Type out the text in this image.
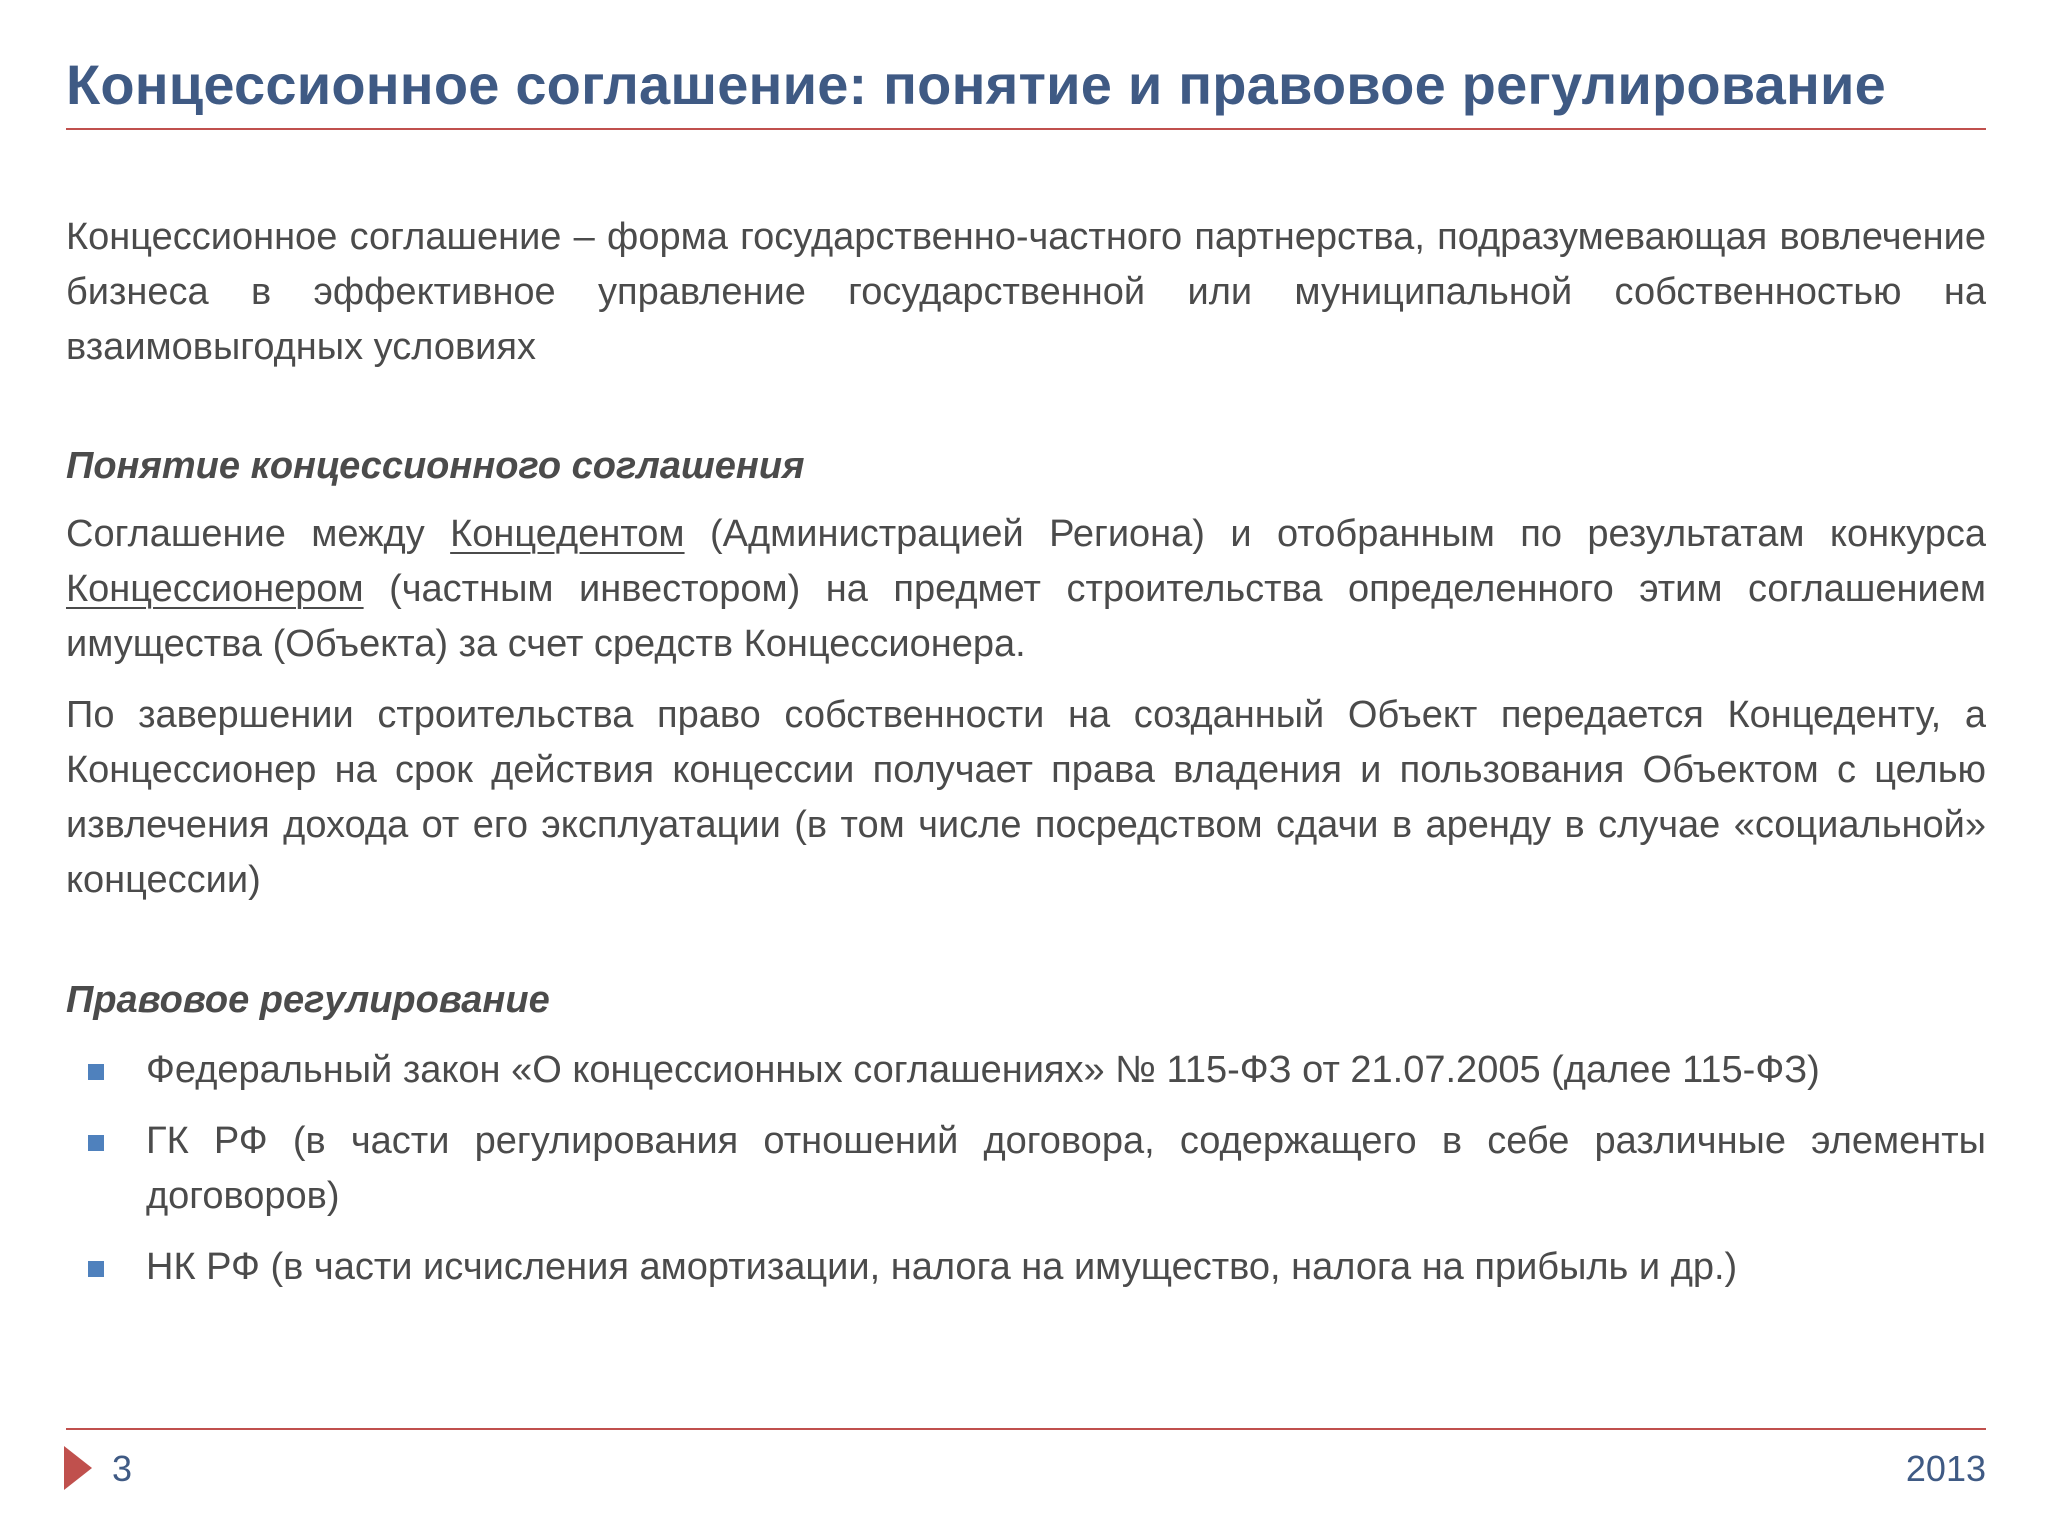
Концессионное соглашение: понятие и правовое регулирование

Концессионное соглашение – форма государственно-частного партнерства, подразумевающая вовлечение бизнеса в эффективное управление государственной или муниципальной собственностью на взаимовыгодных условиях

Понятие концессионного соглашения

Соглашение между Концедентом (Администрацией Региона) и отобранным по результатам конкурса Концессионером (частным инвестором) на предмет строительства определенного этим соглашением имущества (Объекта) за счет средств Концессионера.

По завершении строительства право собственности на созданный Объект передается Концеденту, а Концессионер на срок действия концессии получает права владения и пользования Объектом с целью извлечения дохода от его эксплуатации (в том числе посредством сдачи в аренду в случае «социальной» концессии)

Правовое регулирование

Федеральный закон «О концессионных соглашениях» № 115-ФЗ от 21.07.2005 (далее 115-ФЗ)
ГК РФ (в части регулирования отношений договора, содержащего в себе различные элементы договоров)
НК РФ (в части исчисления амортизации, налога на имущество, налога на прибыль и др.)
3	2013
